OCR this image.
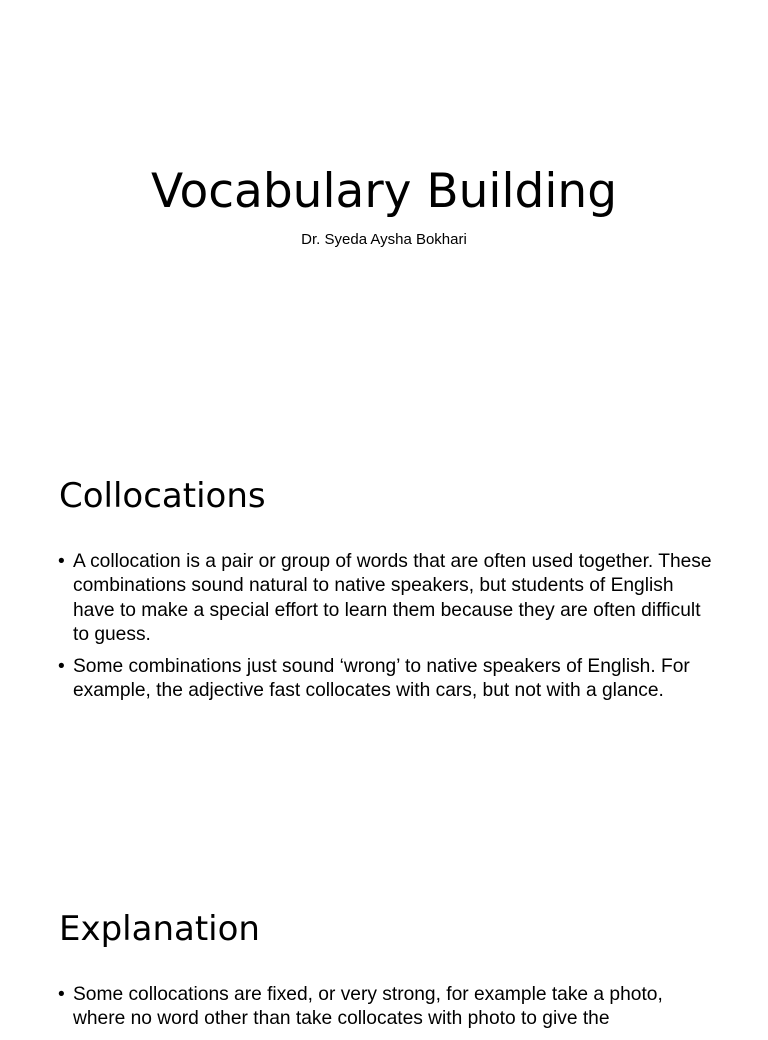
Vocabulary Building

Dr. Syeda Aysha Bokhari

Collocations
• A collocation is a pair or group of words that are often used together. These combinations sound natural to native speakers, but students of English have to make a special effort to learn them because they are often difficult to guess.
• Some combinations just sound ‘wrong’ to native speakers of English. For example, the adjective fast collocates with cars, but not with a glance.
Explanation
• Some collocations are fixed, or very strong, for example take a photo, where no word other than take collocates with photo to give the
